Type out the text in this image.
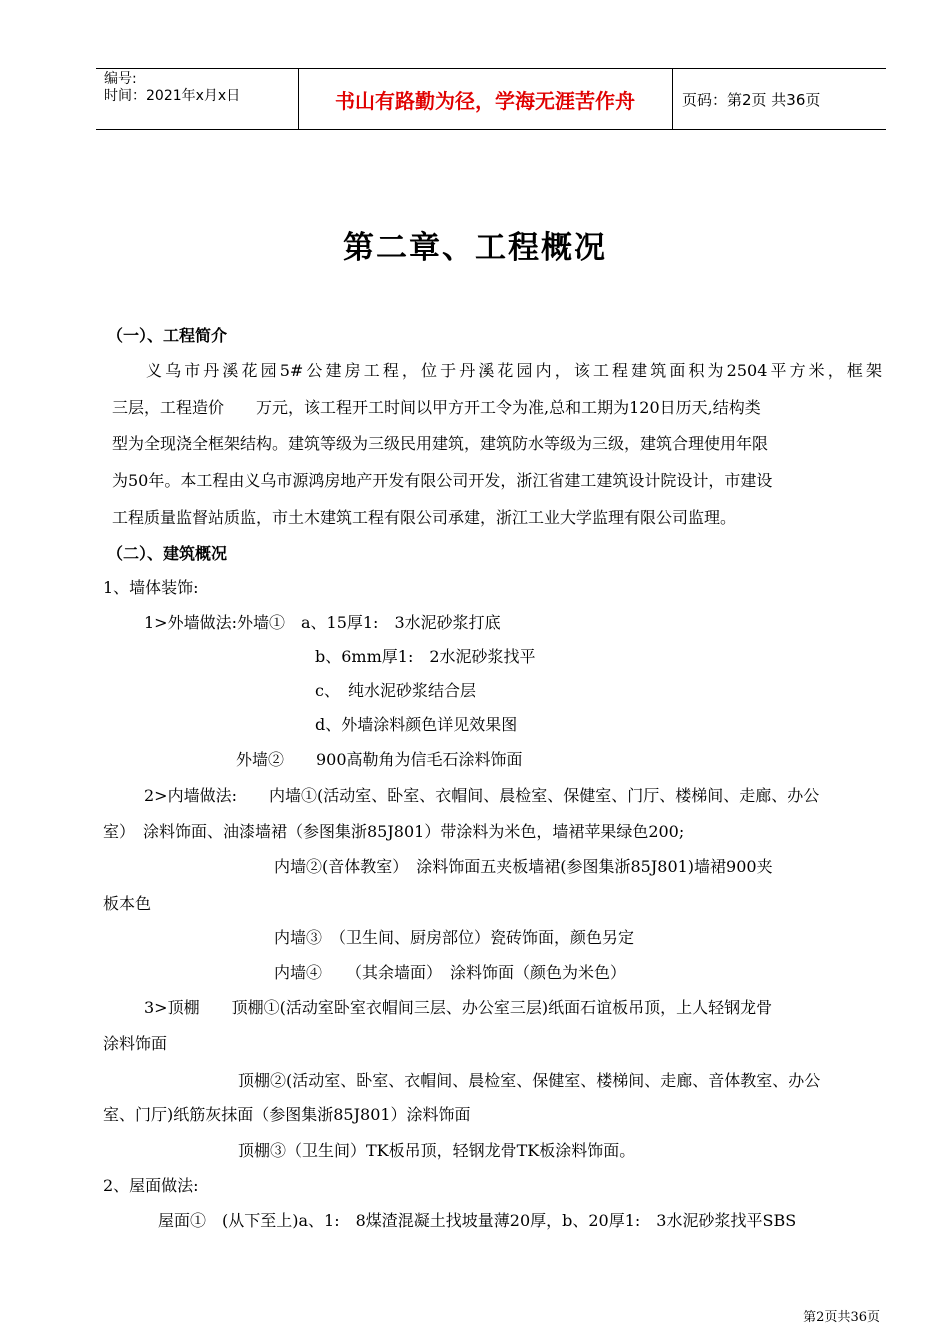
编号:
时间：2021年x月x日	书山有路勤为径，学海无涯苦作舟	页码：第2页 共36页
第二章、工程概况
（一）、工程简介
义乌市丹溪花园5#公建房工程，位于丹溪花园内，该工程建筑面积为2504平方米，框架
三层，工程造价　　万元，该工程开工时间以甲方开工令为准,总和工期为120日历天,结构类
型为全现浇全框架结构。建筑等级为三级民用建筑，建筑防水等级为三级，建筑合理使用年限
为50年。本工程由义乌市源鸿房地产开发有限公司开发，浙江省建工建筑设计院设计，市建设
工程质量监督站质监，市土木建筑工程有限公司承建，浙江工业大学监理有限公司监理。
（二）、建筑概况
1、墙体装饰:
1>外墙做法:外墙①　a、15厚1:　3水泥砂浆打底
b、6mm厚1:　2水泥砂浆找平
c、　纯水泥砂浆结合层
d、外墙涂料颜色详见效果图
外墙②　　900高勒角为信毛石涂料饰面
2>内墙做法:　　内墙①(活动室、卧室、衣帽间、晨检室、保健室、门厅、楼梯间、走廊、办公
室）　涂料饰面、油漆墙裙（参图集浙85J801）带涂料为米色，墙裙苹果绿色200;
内墙②(音体教室）　涂料饰面五夹板墙裙(参图集浙85J801)墙裙900夹
板本色
内墙③　（卫生间、厨房部位）瓷砖饰面，颜色另定
内墙④　　（其余墙面）　涂料饰面（颜色为米色）
3>顶棚　　顶棚①(活动室卧室衣帽间三层、办公室三层)纸面石谊板吊顶，上人轻钢龙骨
涂料饰面
顶棚②(活动室、卧室、衣帽间、晨检室、保健室、楼梯间、走廊、音体教室、办公
室、门厅)纸筋灰抹面（参图集浙85J801）涂料饰面
顶棚③（卫生间）TK板吊顶，轻钢龙骨TK板涂料饰面。
2、屋面做法:
屋面①　(从下至上)a、1:　8煤渣混凝土找坡量薄20厚，b、20厚1:　3水泥砂浆找平SBS
第2页共36页
